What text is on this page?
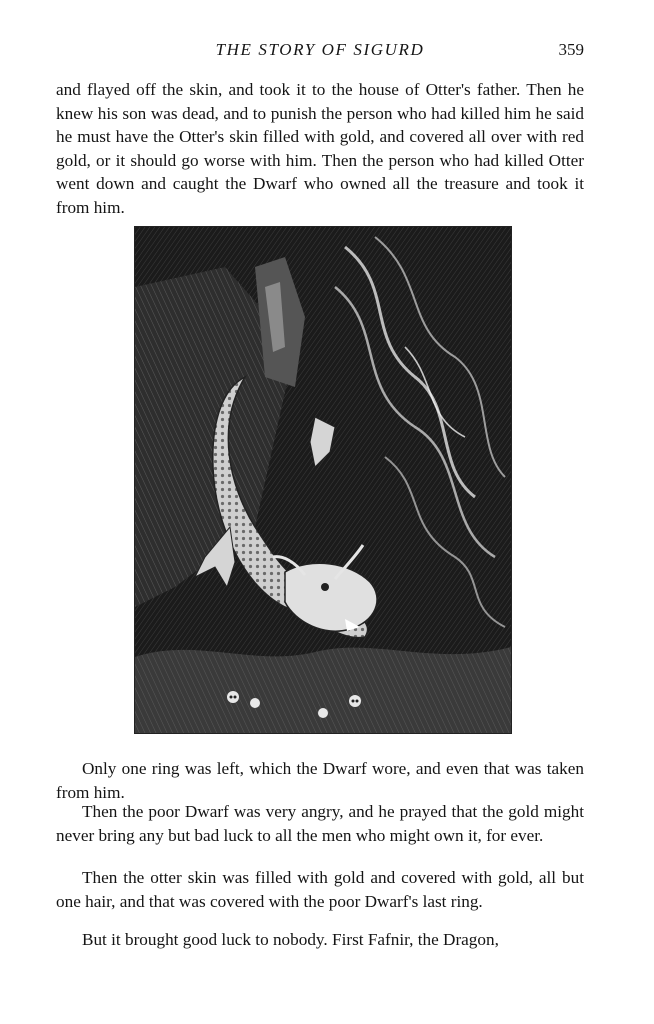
THE STORY OF SIGURD	359

and flayed off the skin, and took it to the house of Otter's father. Then he knew his son was dead, and to punish the person who had killed him he said he must have the Otter's skin filled with gold, and covered all over with red gold, or it should go worse with him. Then the person who had killed Otter went down and caught the Dwarf who owned all the treasure and took it from him.

Only one ring was left, which the Dwarf wore, and even that was taken from him.

Then the poor Dwarf was very angry, and he prayed that the gold might never bring any but bad luck to all the men who might own it, for ever.

Then the otter skin was filled with gold and covered with gold, all but one hair, and that was covered with the poor Dwarf's last ring.

But it brought good luck to nobody. First Fafnir, the Dragon,
